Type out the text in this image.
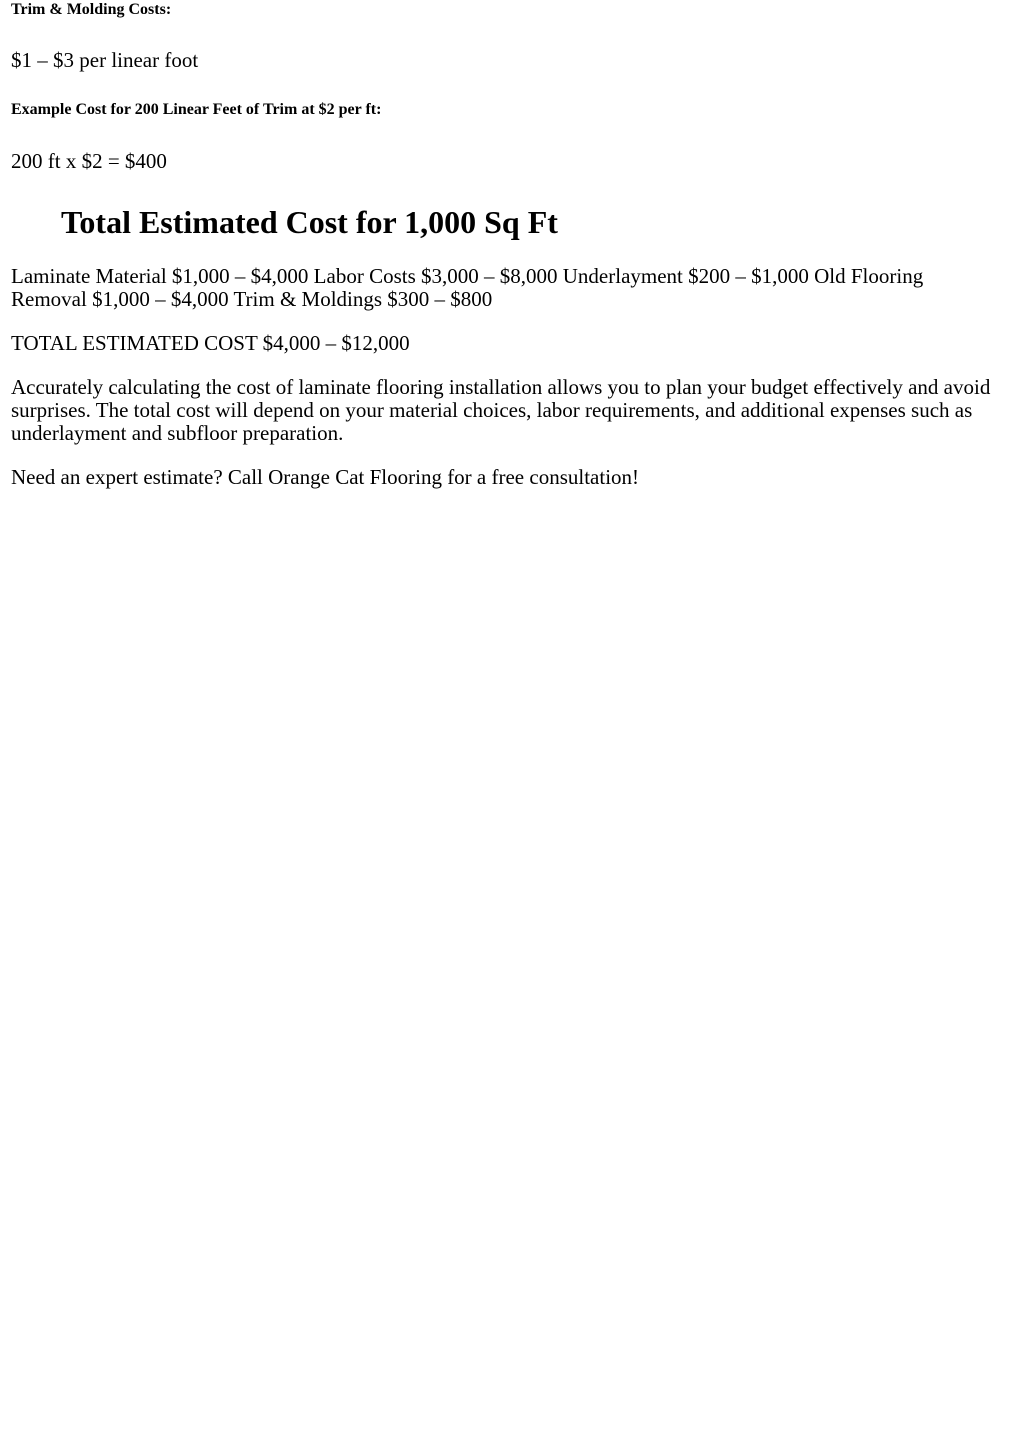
Trim & Molding Costs:

$1 – $3 per linear foot

Example Cost for 200 Linear Feet of Trim at $2 per ft:

200 ft x $2 = $400

Total Estimated Cost for 1,000 Sq Ft

Laminate Material $1,000 – $4,000 Labor Costs $3,000 – $8,000 Underlayment $200 – $1,000 Old Flooring Removal $1,000 – $4,000 Trim & Moldings $300 – $800

TOTAL ESTIMATED COST $4,000 – $12,000

Accurately calculating the cost of laminate flooring installation allows you to plan your budget effectively and avoid surprises. The total cost will depend on your material choices, labor requirements, and additional expenses such as underlayment and subfloor preparation.

Need an expert estimate? Call Orange Cat Flooring for a free consultation!
